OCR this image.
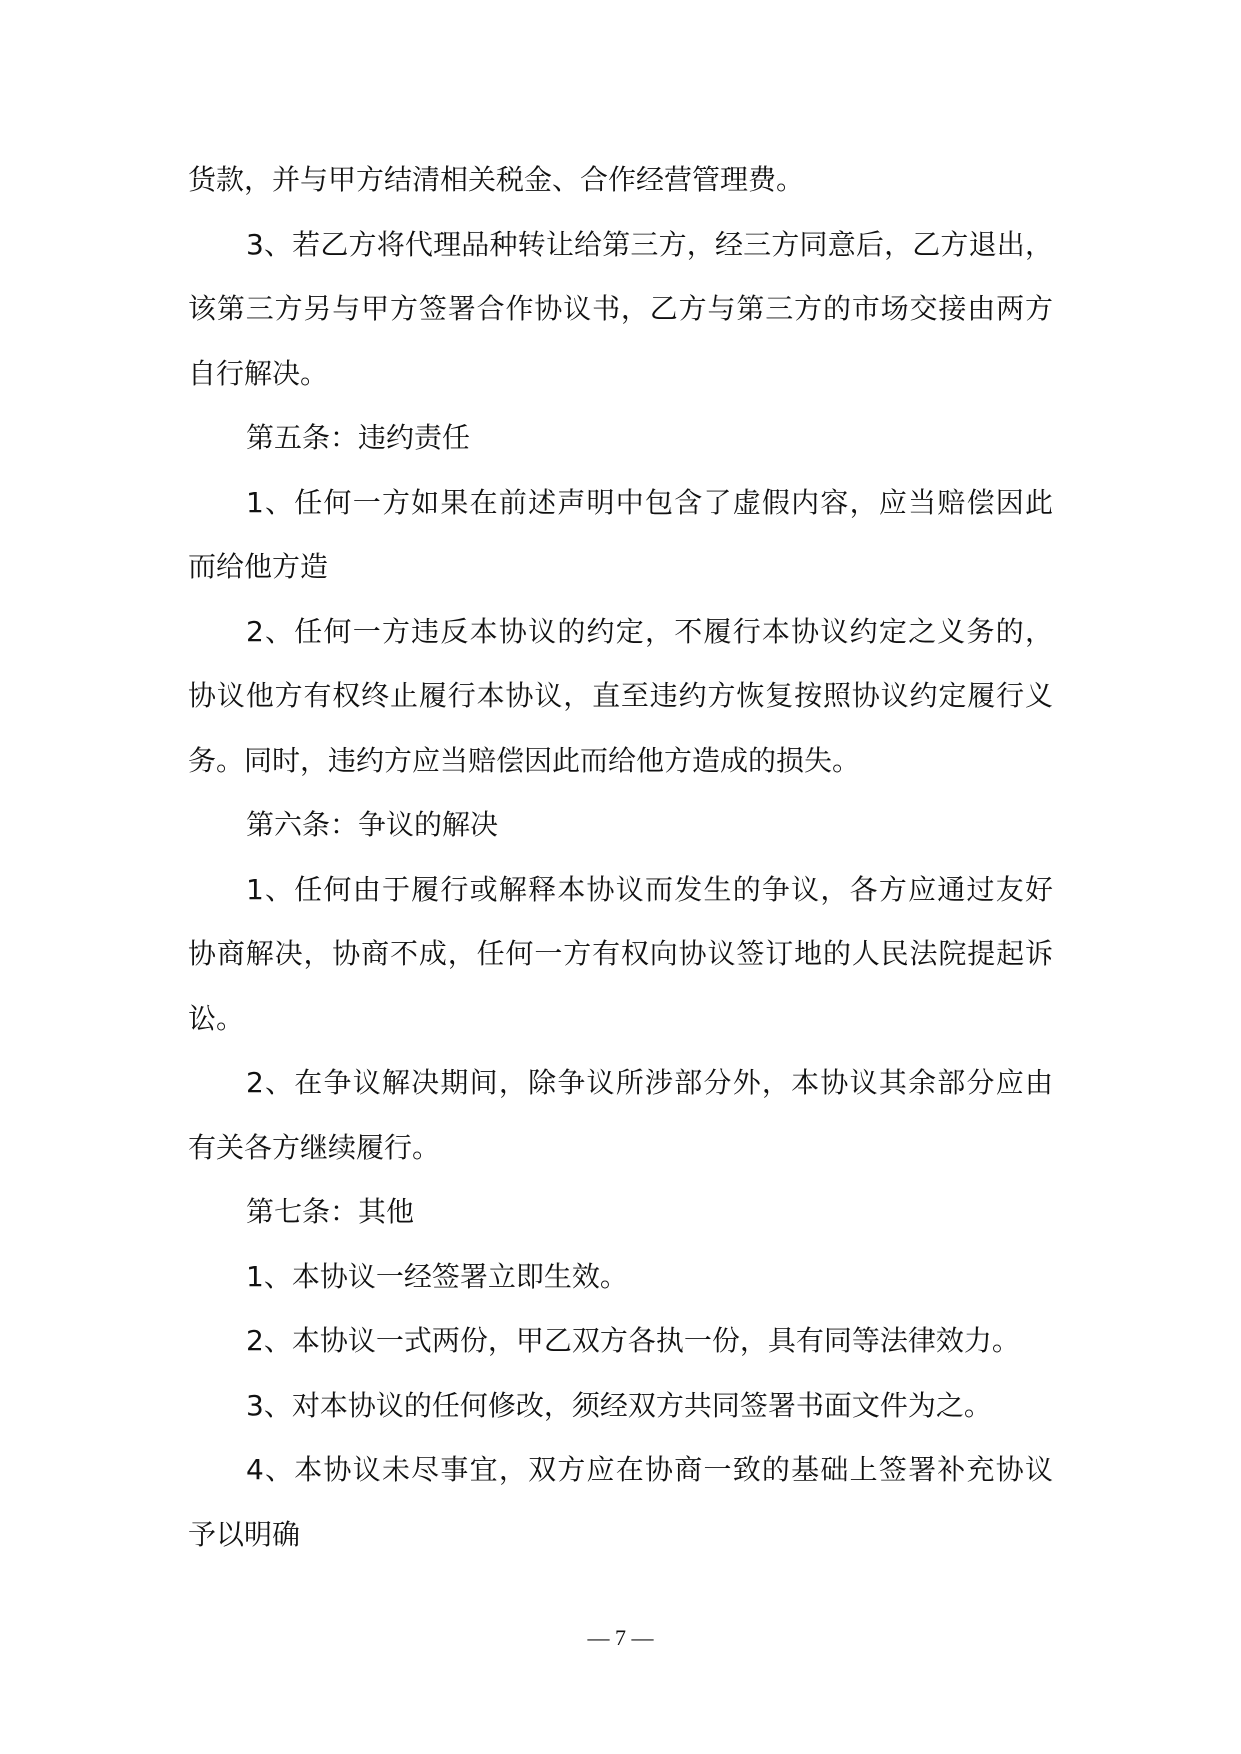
货款，并与甲方结清相关税金、合作经营管理费。
3、若乙方将代理品种转让给第三方，经三方同意后，乙方退出，
该第三方另与甲方签署合作协议书，乙方与第三方的市场交接由两方
自行解决。
第五条：违约责任
1、任何一方如果在前述声明中包含了虚假内容，应当赔偿因此
而给他方造
2、任何一方违反本协议的约定，不履行本协议约定之义务的，
协议他方有权终止履行本协议，直至违约方恢复按照协议约定履行义
务。同时，违约方应当赔偿因此而给他方造成的损失。
第六条：争议的解决
1、任何由于履行或解释本协议而发生的争议，各方应通过友好
协商解决，协商不成，任何一方有权向协议签订地的人民法院提起诉
讼。
2、在争议解决期间，除争议所涉部分外，本协议其余部分应由
有关各方继续履行。
第七条：其他
1、本协议一经签署立即生效。
2、本协议一式两份，甲乙双方各执一份，具有同等法律效力。
3、对本协议的任何修改，须经双方共同签署书面文件为之。
4、本协议未尽事宜，双方应在协商一致的基础上签署补充协议
予以明确
— 7 —
